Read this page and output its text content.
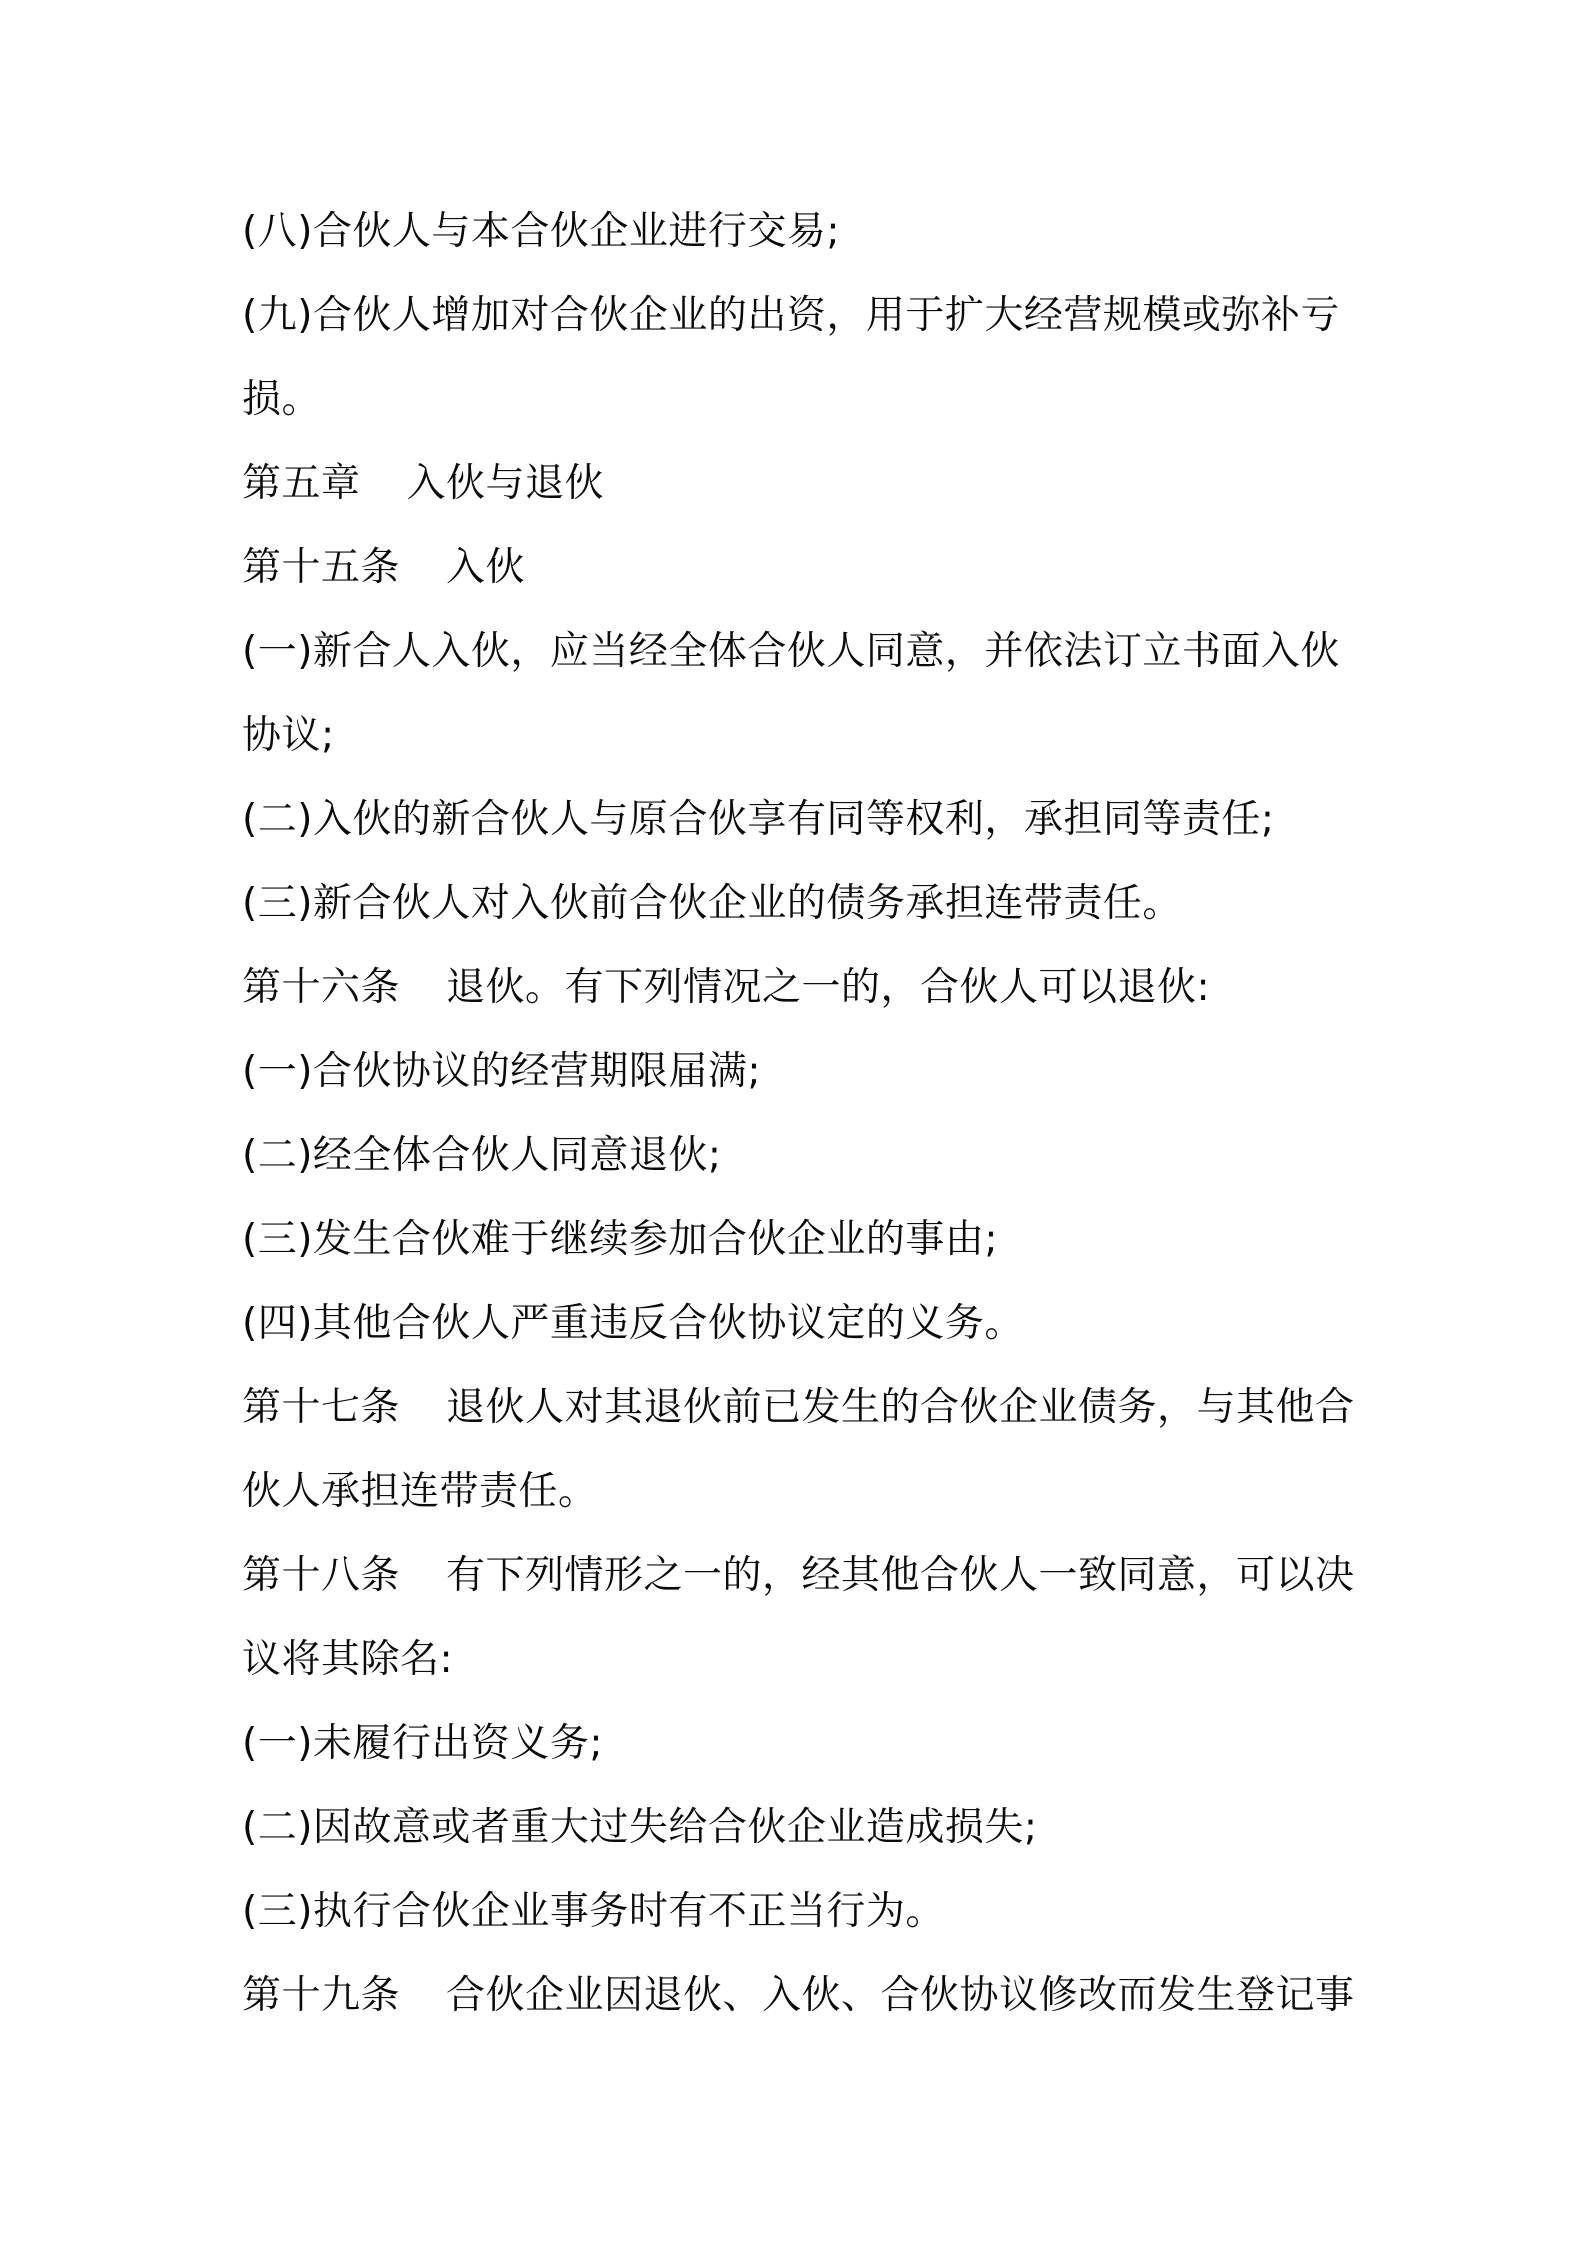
(八)合伙人与本合伙企业进行交易;
(九)合伙人增加对合伙企业的出资，用于扩大经营规模或弥补亏
损。
第五章 入伙与退伙
第十五条 入伙
(一)新合人入伙，应当经全体合伙人同意，并依法订立书面入伙
协议;
(二)入伙的新合伙人与原合伙享有同等权利，承担同等责任;
(三)新合伙人对入伙前合伙企业的债务承担连带责任。
第十六条 退伙。有下列情况之一的，合伙人可以退伙:
(一)合伙协议的经营期限届满;
(二)经全体合伙人同意退伙;
(三)发生合伙难于继续参加合伙企业的事由;
(四)其他合伙人严重违反合伙协议定的义务。
第十七条 退伙人对其退伙前已发生的合伙企业债务，与其他合
伙人承担连带责任。
第十八条 有下列情形之一的，经其他合伙人一致同意，可以决
议将其除名:
(一)未履行出资义务;
(二)因故意或者重大过失给合伙企业造成损失;
(三)执行合伙企业事务时有不正当行为。
第十九条 合伙企业因退伙、入伙、合伙协议修改而发生登记事
